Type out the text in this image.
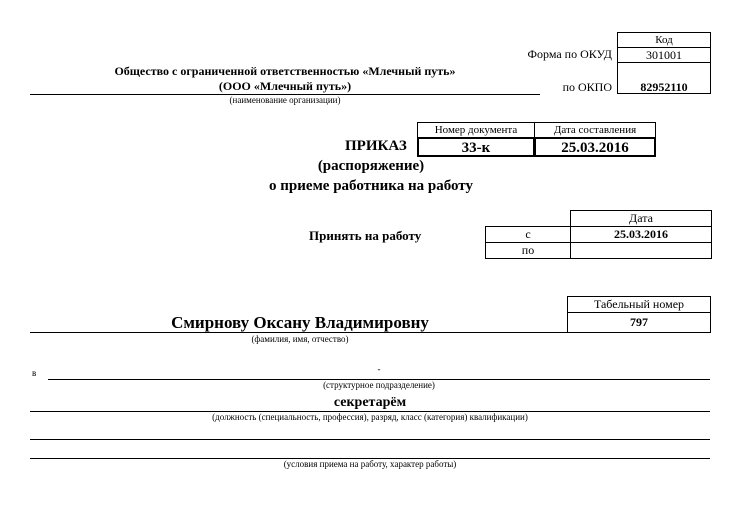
Код
Форма по ОКУД	301001
по ОКПО	82952110
Общество с ограниченной ответственностью «Млечный путь»
(ООО «Млечный путь»)
(наименование организации)
Номер документа	Дата составления
33-к	25.03.2016
ПРИКАЗ
(распоряжение)
о приеме работника на работу
Дата
Принять на работу	с	25.03.2016
по
Табельный номер
797
Смирнову Оксану Владимировну
(фамилия, имя, отчество)
в	-
(структурное подразделение)
секретарём
(должность (специальность, профессия), разряд, класс (категория) квалификации)
(условия приема на работу, характер работы)
